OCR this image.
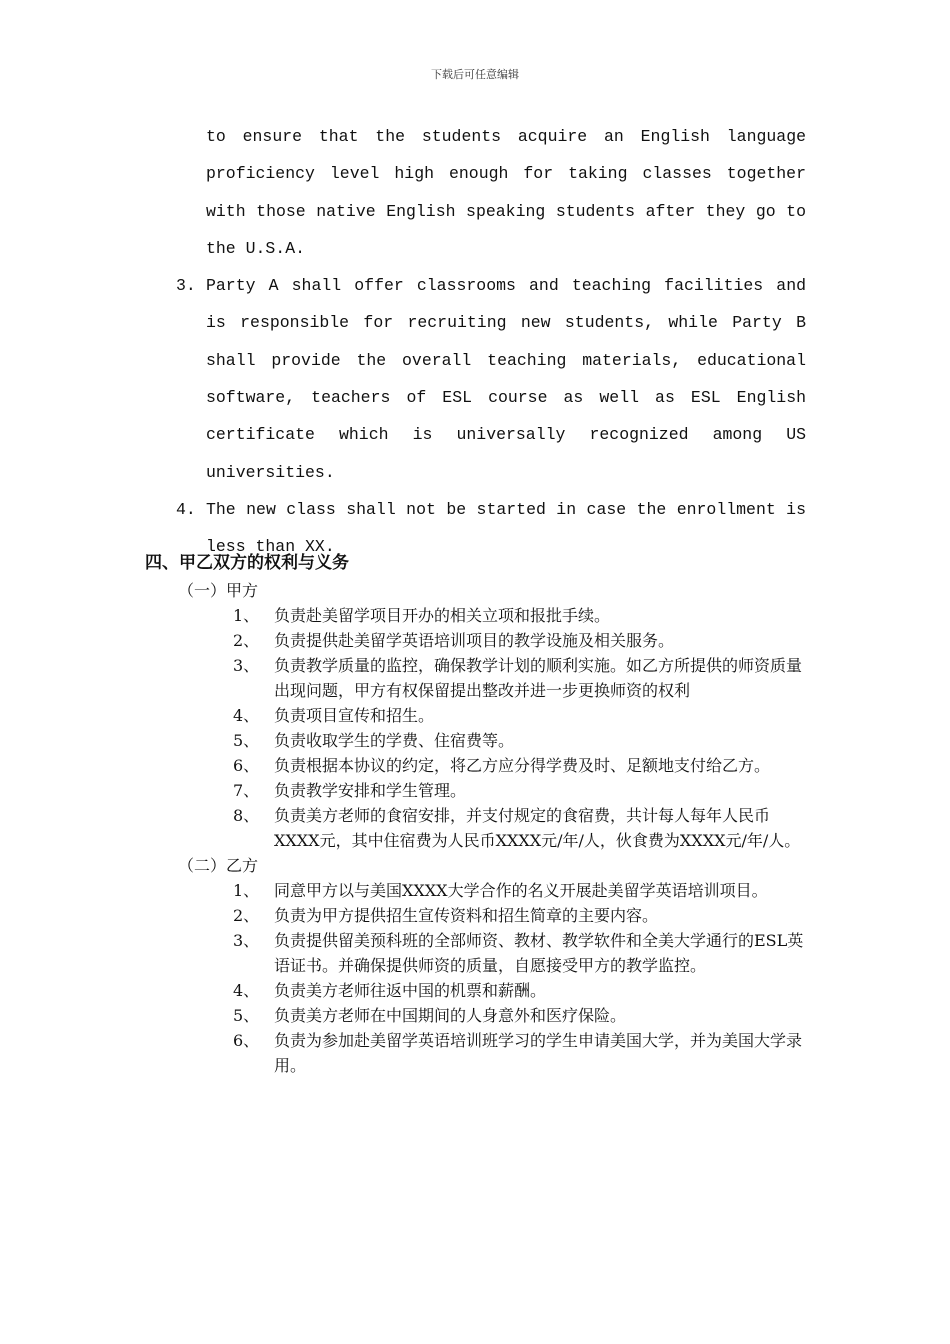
下载后可任意编辑
to ensure that the students acquire an English language proficiency level high enough for taking classes together with those native English speaking students after they go to the U.S.A.
3. Party A shall offer classrooms and teaching facilities and is responsible for recruiting new students, while Party B shall provide the overall teaching materials, educational software, teachers of ESL course as well as ESL English certificate which is universally recognized among US universities.
4. The new class shall not be started in case the enrollment is less than XX.
四、甲乙双方的权利与义务
（一）甲方
1、 负责赴美留学项目开办的相关立项和报批手续。
2、 负责提供赴美留学英语培训项目的教学设施及相关服务。
3、 负责教学质量的监控，确保教学计划的顺利实施。如乙方所提供的师资质量出现问题，甲方有权保留提出整改并进一步更换师资的权利
4、 负责项目宣传和招生。
5、 负责收取学生的学费、住宿费等。
6、 负责根据本协议的约定，将乙方应分得学费及时、足额地支付给乙方。
7、 负责教学安排和学生管理。
8、 负责美方老师的食宿安排，并支付规定的食宿费，共计每人每年人民币XXXX元，其中住宿费为人民币XXXX元/年/人，伙食费为XXXX元/年/人。
（二）乙方
1、 同意甲方以与美国XXXX大学合作的名义开展赴美留学英语培训项目。
2、 负责为甲方提供招生宣传资料和招生简章的主要内容。
3、 负责提供留美预科班的全部师资、教材、教学软件和全美大学通行的ESL英语证书。并确保提供师资的质量，自愿接受甲方的教学监控。
4、 负责美方老师往返中国的机票和薪酬。
5、 负责美方老师在中国期间的人身意外和医疗保险。
6、 负责为参加赴美留学英语培训班学习的学生申请美国大学，并为美国大学录用。
